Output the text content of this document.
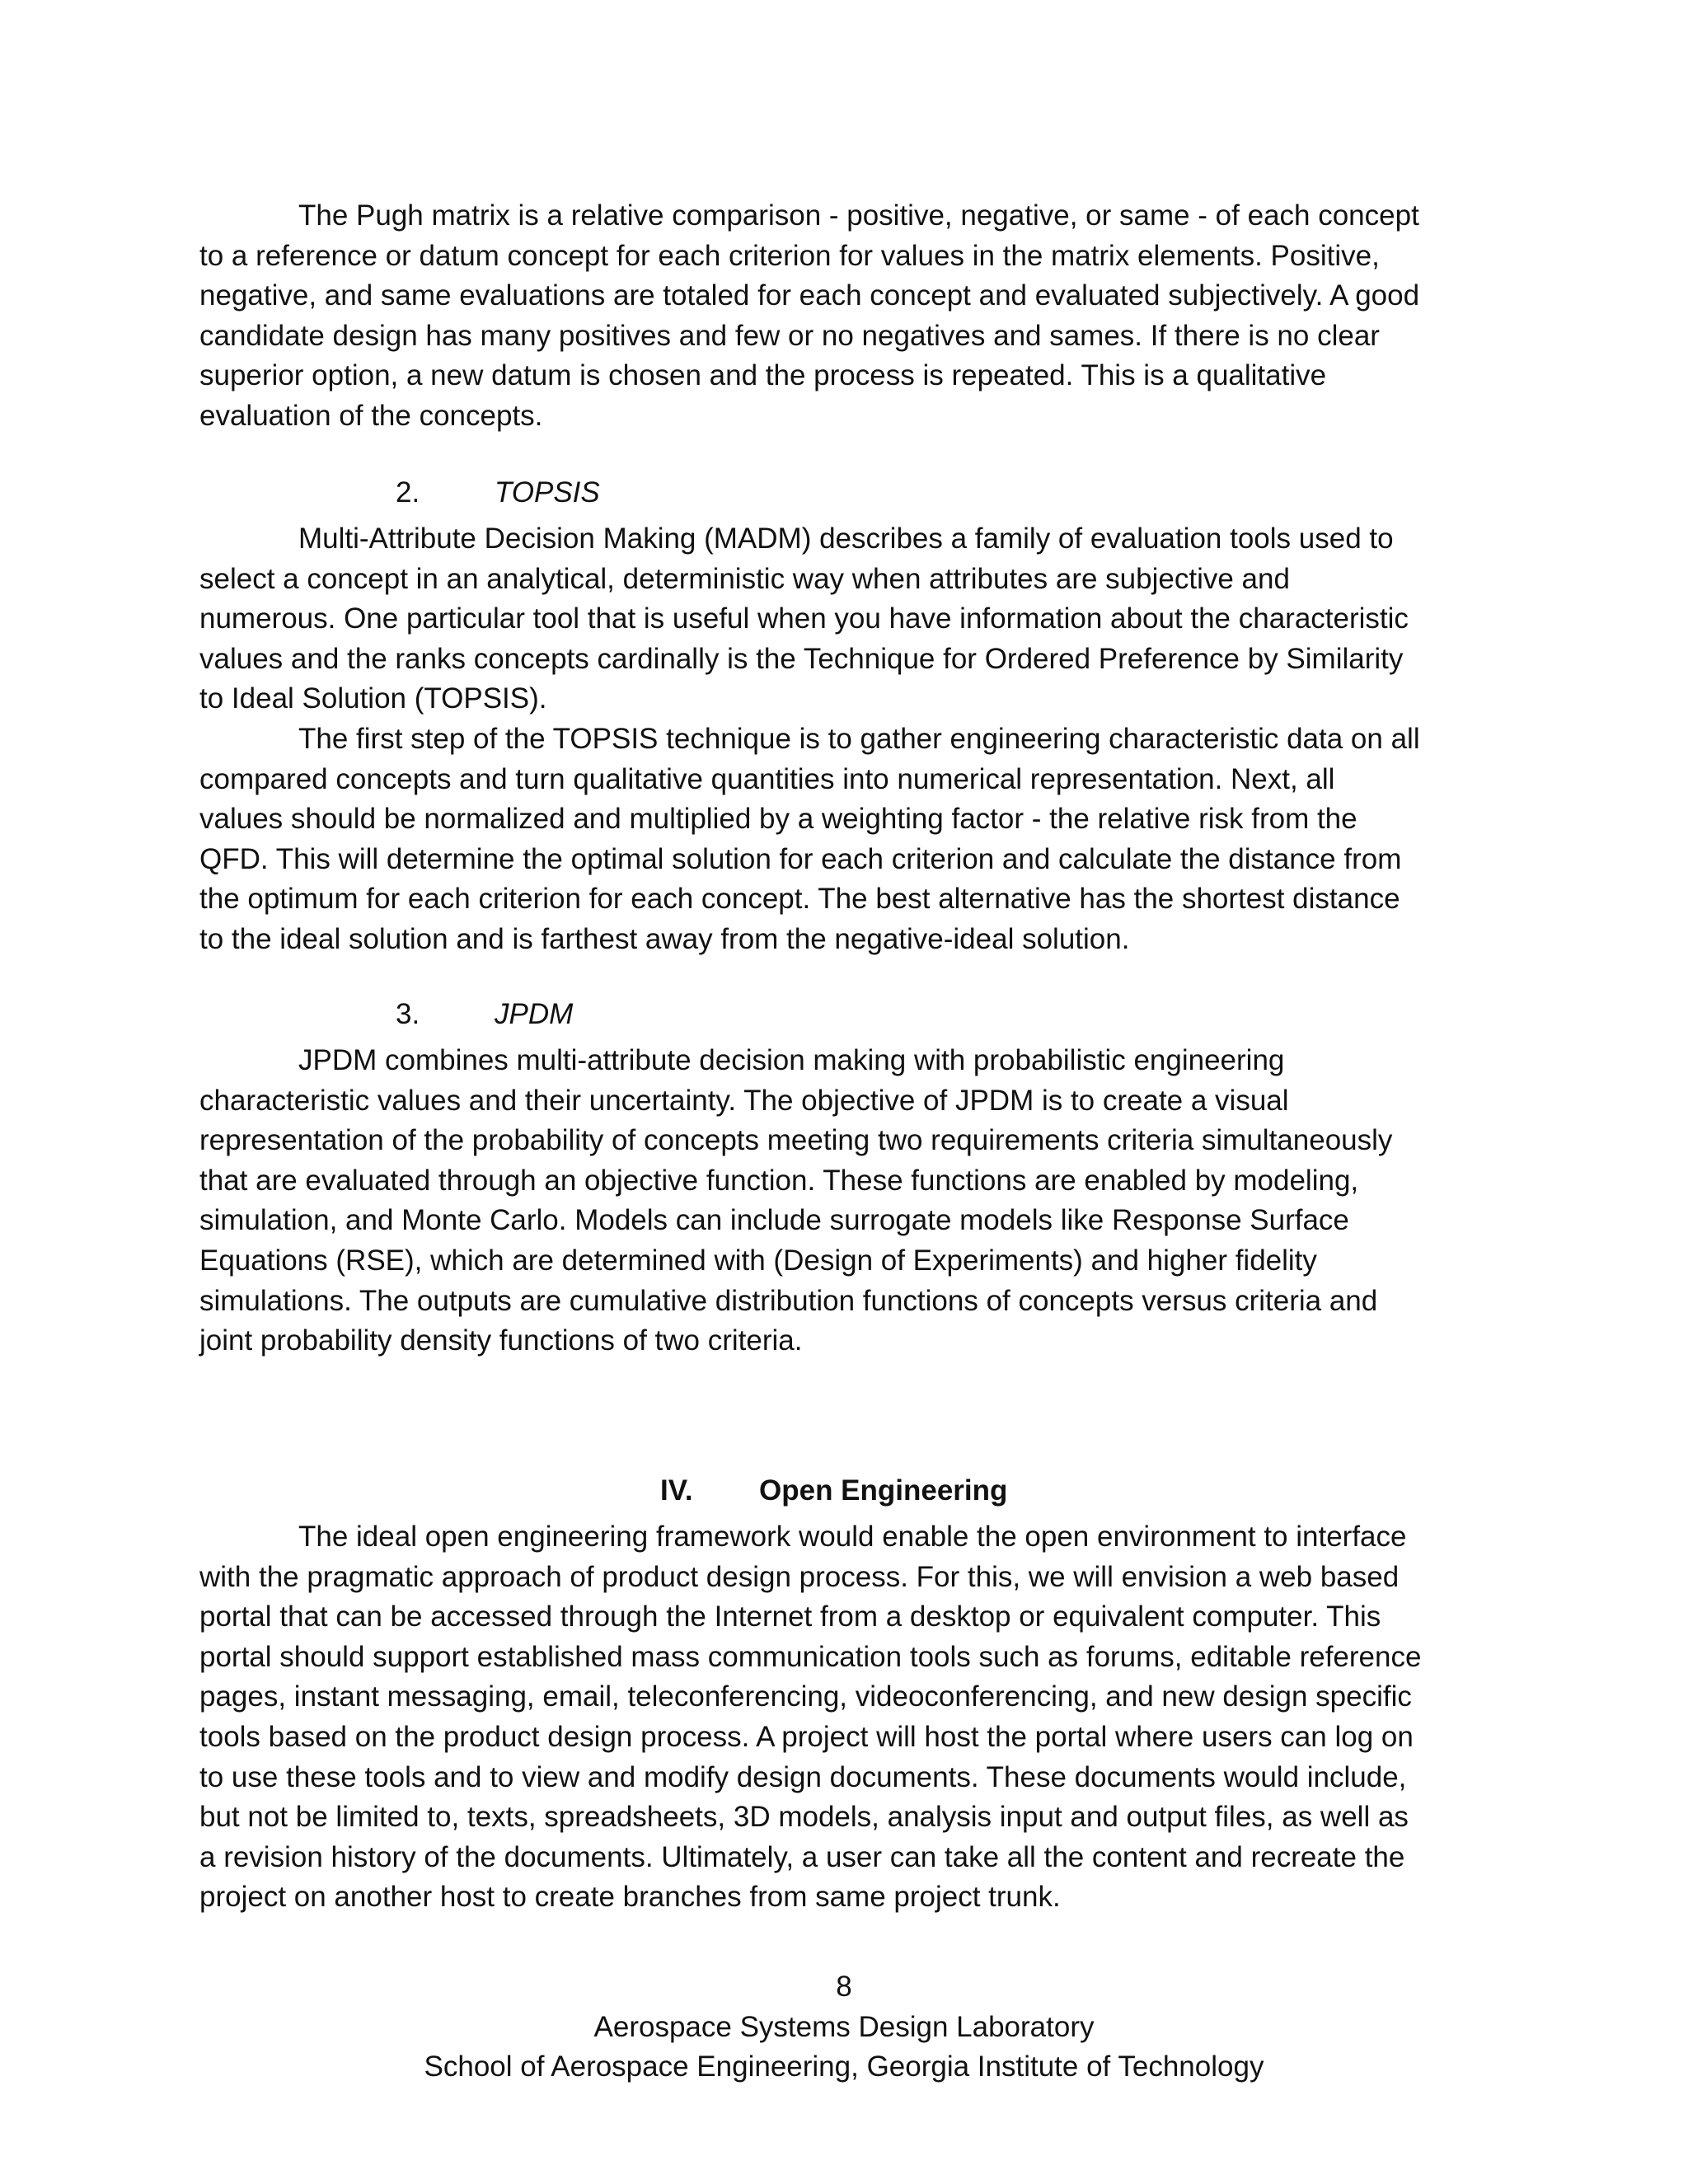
The Pugh matrix is a relative comparison - positive, negative, or same - of each concept
to a reference or datum concept for each criterion for values in the matrix elements. Positive,
negative, and same evaluations are totaled for each concept and evaluated subjectively. A good
candidate design has many positives and few or no negatives and sames. If there is no clear
superior option, a new datum is chosen and the process is repeated. This is a qualitative
evaluation of the concepts.
2.	TOPSIS
Multi-Attribute Decision Making (MADM) describes a family of evaluation tools used to
select a concept in an analytical, deterministic way when attributes are subjective and
numerous. One particular tool that is useful when you have information about the characteristic
values and the ranks concepts cardinally is the Technique for Ordered Preference by Similarity
to Ideal Solution (TOPSIS).
The first step of the TOPSIS technique is to gather engineering characteristic data on all
compared concepts and turn qualitative quantities into numerical representation. Next, all
values should be normalized and multiplied by a weighting factor - the relative risk from the
QFD. This will determine the optimal solution for each criterion and calculate the distance from
the optimum for each criterion for each concept. The best alternative has the shortest distance
to the ideal solution and is farthest away from the negative-ideal solution.
3.	JPDM
JPDM combines multi-attribute decision making with probabilistic engineering
characteristic values and their uncertainty. The objective of JPDM is to create a visual
representation of the probability of concepts meeting two requirements criteria simultaneously
that are evaluated through an objective function. These functions are enabled by modeling,
simulation, and Monte Carlo. Models can include surrogate models like Response Surface
Equations (RSE), which are determined with (Design of Experiments) and higher fidelity
simulations. The outputs are cumulative distribution functions of concepts versus criteria and
joint probability density functions of two criteria.
IV. Open Engineering
The ideal open engineering framework would enable the open environment to interface
with the pragmatic approach of product design process. For this, we will envision a web based
portal that can be accessed through the Internet from a desktop or equivalent computer. This
portal should support established mass communication tools such as forums, editable reference
pages, instant messaging, email, teleconferencing, videoconferencing, and new design specific
tools based on the product design process. A project will host the portal where users can log on
to use these tools and to view and modify design documents. These documents would include,
but not be limited to, texts, spreadsheets, 3D models, analysis input and output files, as well as
a revision history of the documents. Ultimately, a user can take all the content and recreate the
project on another host to create branches from same project trunk.
8
Aerospace Systems Design Laboratory
School of Aerospace Engineering, Georgia Institute of Technology
